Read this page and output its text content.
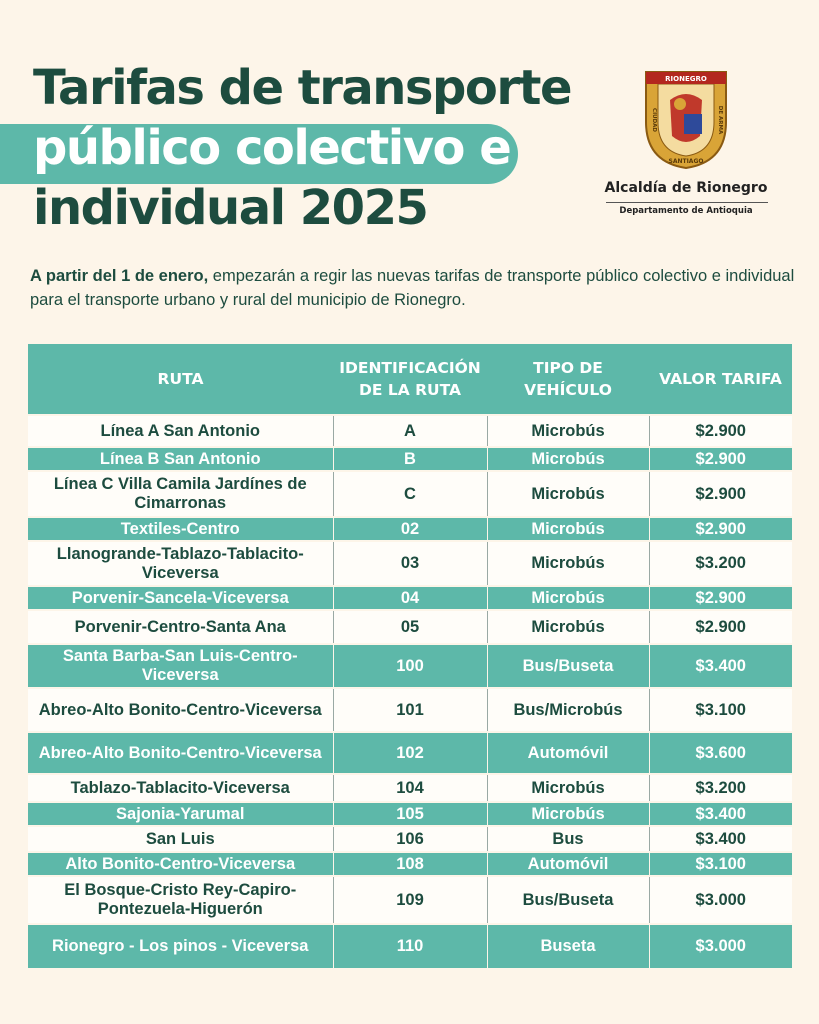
Tarifas de transporte
público colectivo e
individual 2025
RIONEGRO
CIUDAD	DE ARMA
SANTIAGO
Alcaldía de Rionegro
Departamento de Antioquia

A partir del 1 de enero, empezarán a regir las nuevas tarifas de transporte público colectivo e individual para el transporte urbano y rural del municipio de Rionegro.

RUTA	IDENTIFICACIÓN DE LA RUTA	TIPO DE VEHÍCULO	VALOR TARIFA
Línea A San Antonio	A	Microbús	$2.900
Línea B San Antonio	B	Microbús	$2.900
Línea C Villa Camila Jardínes de Cimarronas	C	Microbús	$2.900
Textiles-Centro	02	Microbús	$2.900
Llanogrande-Tablazo-Tablacito-Viceversa	03	Microbús	$3.200
Porvenir-Sancela-Viceversa	04	Microbús	$2.900
Porvenir-Centro-Santa Ana	05	Microbús	$2.900
Santa Barba-San Luis-Centro-Viceversa	100	Bus/Buseta	$3.400
Abreo-Alto Bonito-Centro-Viceversa	101	Bus/Microbús	$3.100
Abreo-Alto Bonito-Centro-Viceversa	102	Automóvil	$3.600
Tablazo-Tablacito-Viceversa	104	Microbús	$3.200
Sajonia-Yarumal	105	Microbús	$3.400
San Luis	106	Bus	$3.400
Alto Bonito-Centro-Viceversa	108	Automóvil	$3.100
El Bosque-Cristo Rey-Capiro-Pontezuela-Higuerón	109	Bus/Buseta	$3.000
Rionegro - Los pinos - Viceversa	110	Buseta	$3.000
